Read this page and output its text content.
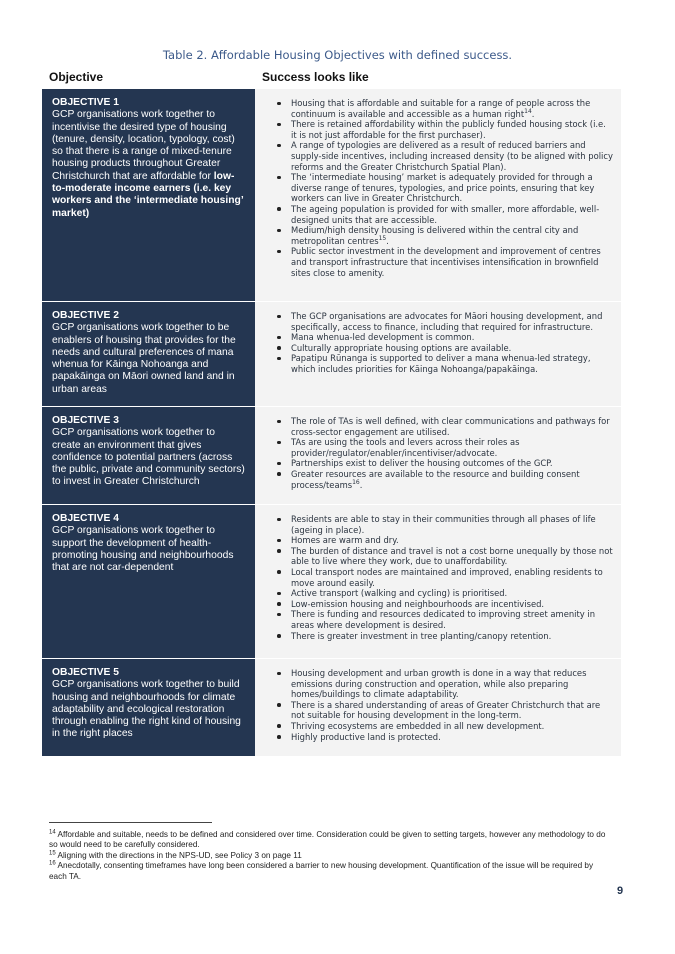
Table 2. Affordable Housing Objectives with defined success.
Objective	Success looks like
OBJECTIVE 1
GCP organisations work together to incentivise the desired type of housing (tenure, density, location, typology, cost) so that there is a range of mixed-tenure housing products throughout Greater Christchurch that are affordable for low-to-moderate income earners (i.e. key workers and the ‘intermediate housing’ market)
Housing that is affordable and suitable for a range of people across the continuum is available and accessible as a human right$^{14}$.
There is retained affordability within the publicly funded housing stock (i.e. it is not just affordable for the first purchaser).
A range of typologies are delivered as a result of reduced barriers and supply-side incentives, including increased density (to be aligned with policy reforms and the Greater Christchurch Spatial Plan).
The ‘intermediate housing’ market is adequately provided for through a diverse range of tenures, typologies, and price points, ensuring that key workers can live in Greater Christchurch.
The ageing population is provided for with smaller, more affordable, well-designed units that are accessible.
Medium/high density housing is delivered within the central city and metropolitan centres$^{15}$.
Public sector investment in the development and improvement of centres and transport infrastructure that incentivises intensification in brownfield sites close to amenity.
OBJECTIVE 2
GCP organisations work together to be enablers of housing that provides for the needs and cultural preferences of mana whenua for Kāinga Nohoanga and papakāinga on Māori owned land and in urban areas
The GCP organisations are advocates for Māori housing development, and specifically, access to finance, including that required for infrastructure.
Mana whenua-led development is common.
Culturally appropriate housing options are available.
Papatipu Rūnanga is supported to deliver a mana whenua-led strategy, which includes priorities for Kāinga Nohoanga/papakāinga.
OBJECTIVE 3
GCP organisations work together to create an environment that gives confidence to potential partners (across the public, private and community sectors) to invest in Greater Christchurch
The role of TAs is well defined, with clear communications and pathways for cross-sector engagement are utilised.
TAs are using the tools and levers across their roles as provider/regulator/enabler/incentiviser/advocate.
Partnerships exist to deliver the housing outcomes of the GCP.
Greater resources are available to the resource and building consent process/teams$^{16}$.
OBJECTIVE 4
GCP organisations work together to support the development of health-promoting housing and neighbourhoods that are not car-dependent
Residents are able to stay in their communities through all phases of life (ageing in place).
Homes are warm and dry.
The burden of distance and travel is not a cost borne unequally by those not able to live where they work, due to unaffordability.
Local transport nodes are maintained and improved, enabling residents to move around easily.
Active transport (walking and cycling) is prioritised.
Low-emission housing and neighbourhoods are incentivised.
There is funding and resources dedicated to improving street amenity in areas where development is desired.
There is greater investment in tree planting/canopy retention.
OBJECTIVE 5
GCP organisations work together to build housing and neighbourhoods for climate adaptability and ecological restoration through enabling the right kind of housing in the right places
Housing development and urban growth is done in a way that reduces emissions during construction and operation, while also preparing homes/buildings to climate adaptability.
There is a shared understanding of areas of Greater Christchurch that are not suitable for housing development in the long-term.
Thriving ecosystems are embedded in all new development.
Highly productive land is protected.

$^{14}$ Affordable and suitable, needs to be defined and considered over time. Consideration could be given to setting targets, however any methodology to do so would need to be carefully considered.

$^{15}$ Aligning with the directions in the NPS-UD, see Policy 3 on page 11

$^{16}$ Anecdotally, consenting timeframes have long been considered a barrier to new housing development. Quantification of the issue will be required by each TA.

9
